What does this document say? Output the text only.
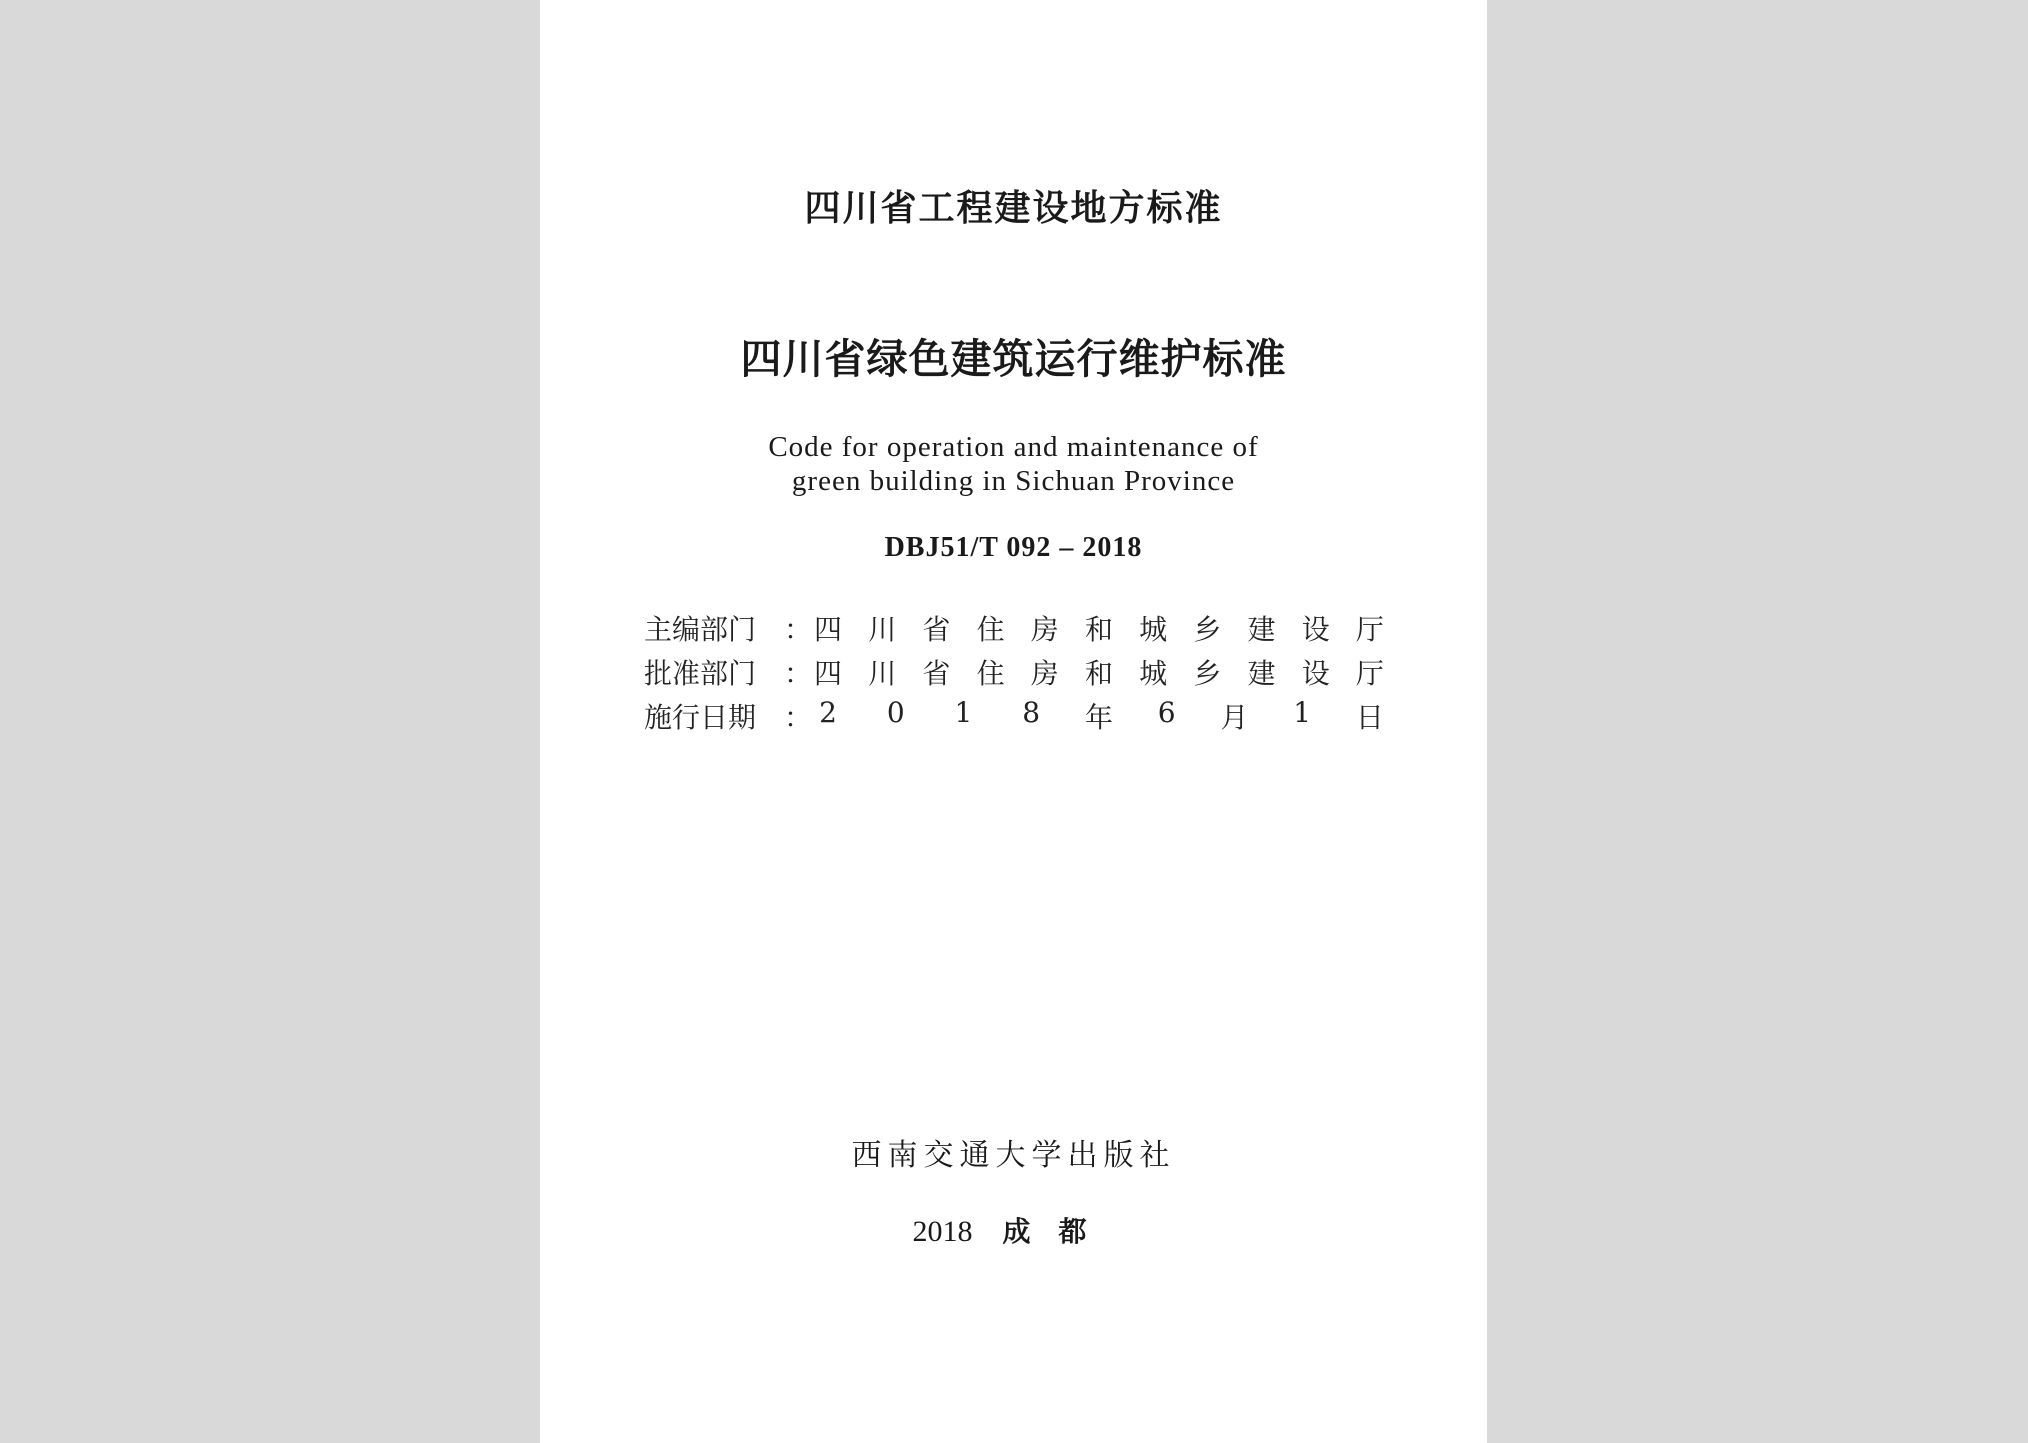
四川省工程建设地方标准
四川省绿色建筑运行维护标准
Code for operation and maintenance of
green building in Sichuan Province
DBJ51/T 092 – 2018
主编部门 ： 四 川 省 住 房 和 城 乡 建 设 厅
批准部门 ： 四 川 省 住 房 和 城 乡 建 设 厅
施行日期 ： 2 0 1 8 年 6 月 1 日
西南交通大学出版社
2018 成都
